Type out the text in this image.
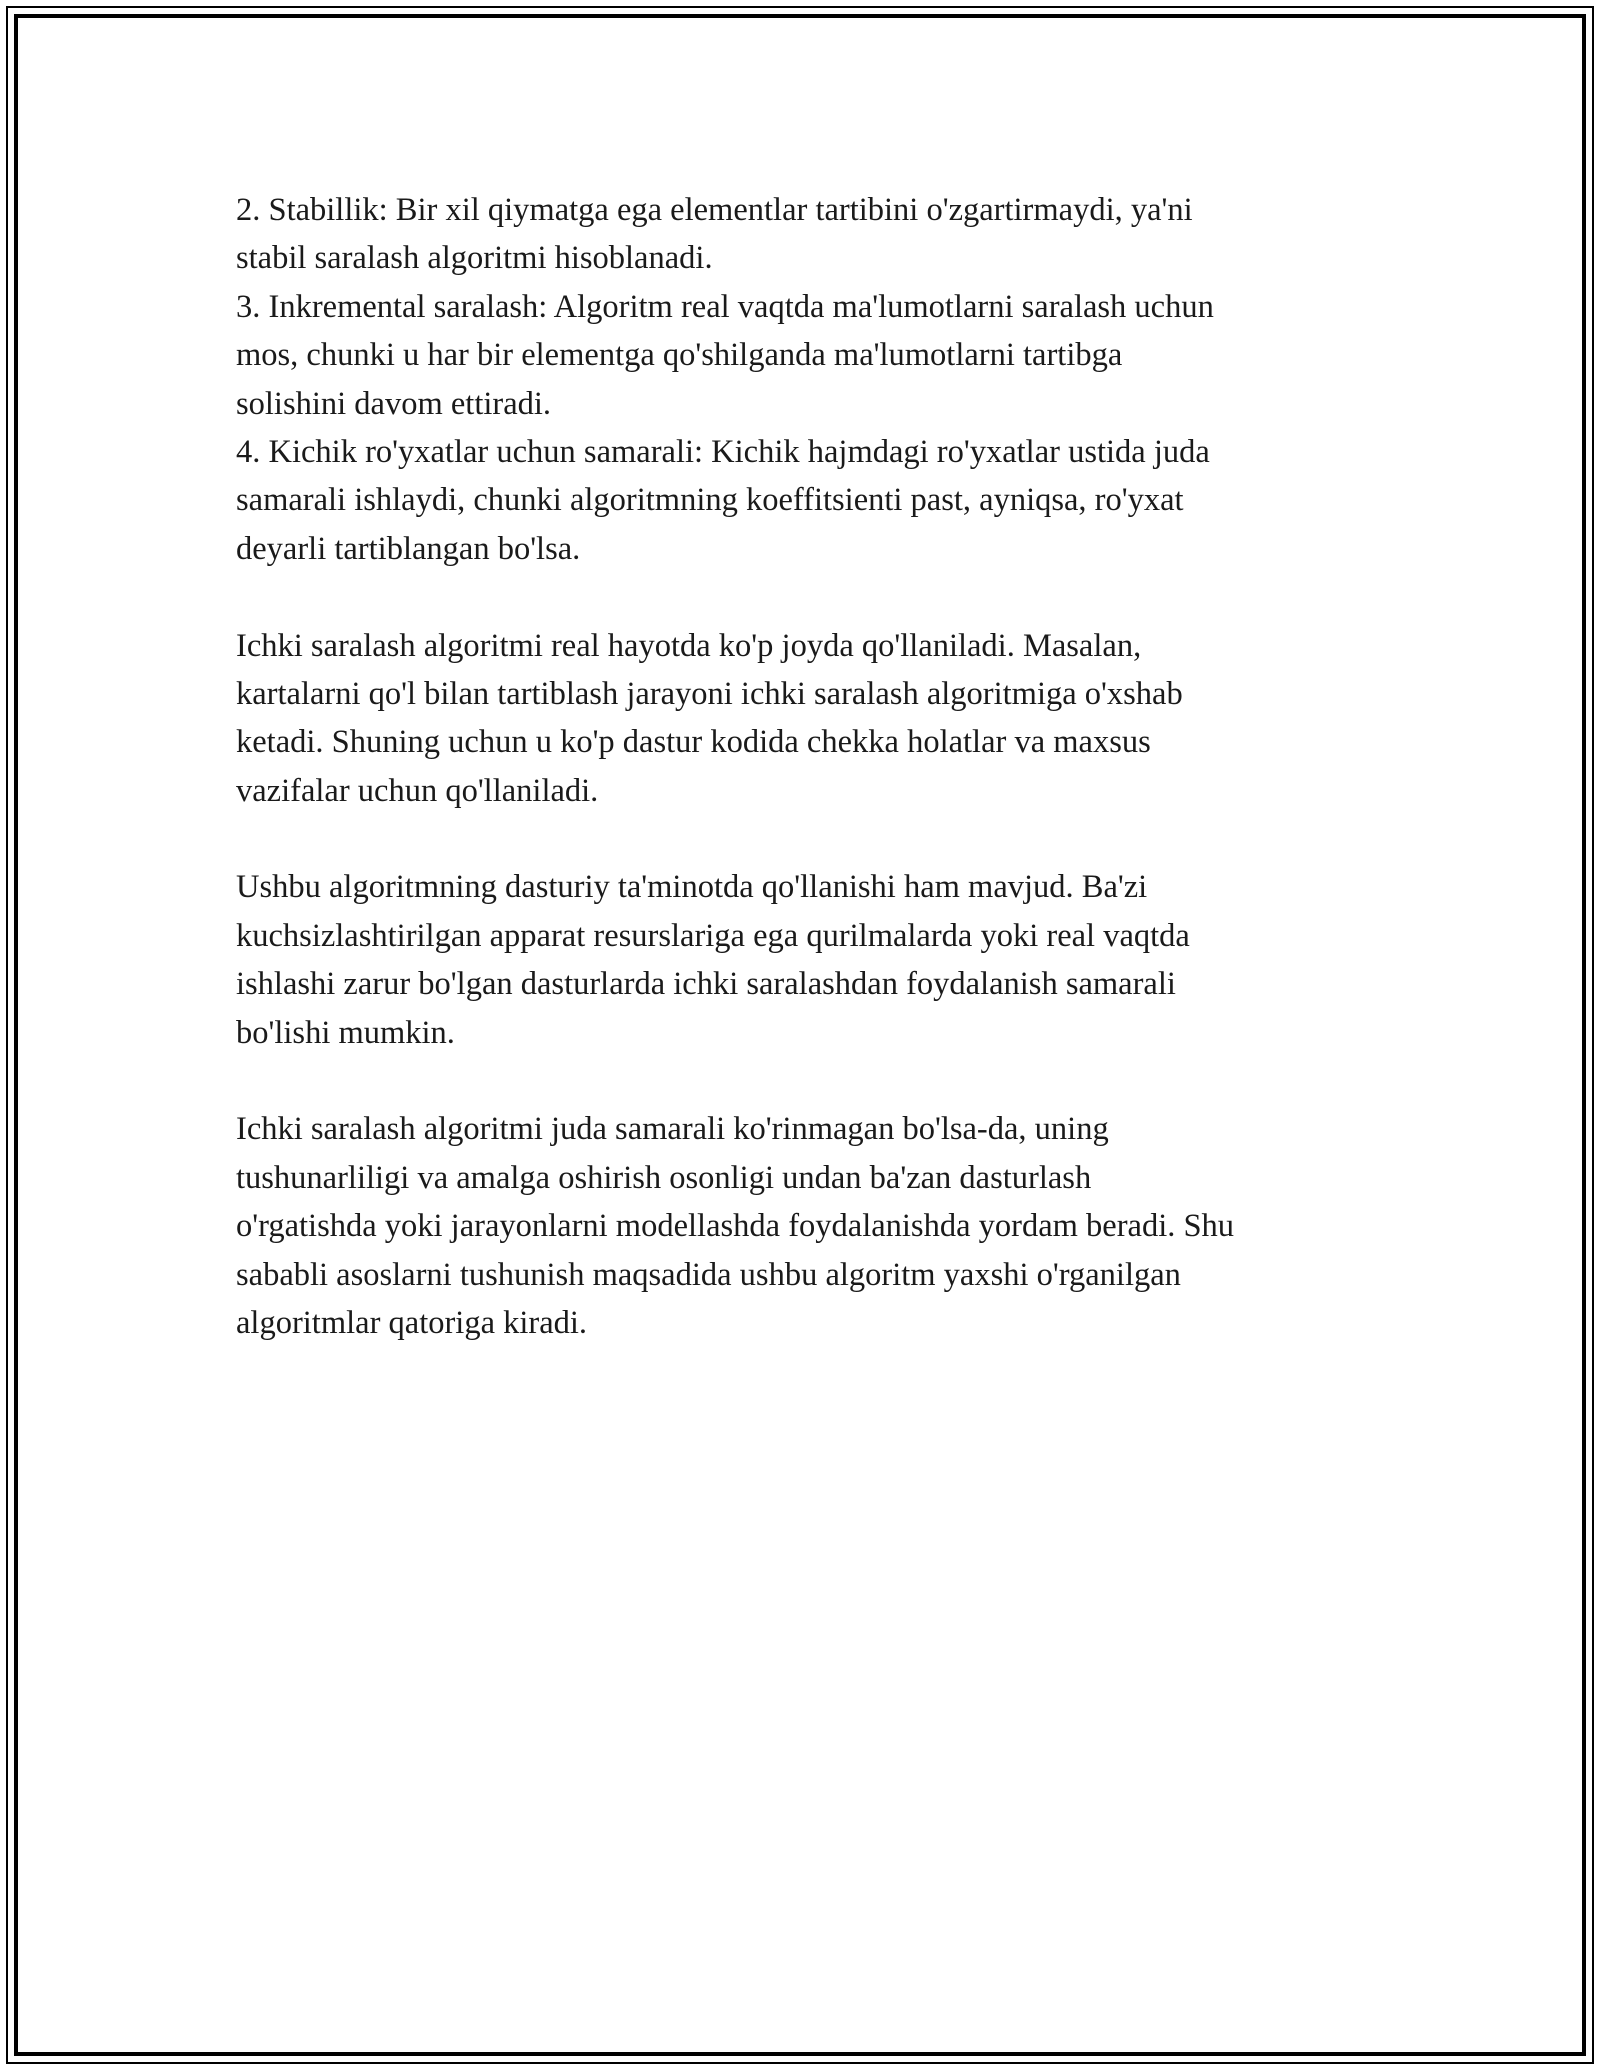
2. Stabillik: Bir xil qiymatga ega elementlar tartibini o'zgartirmaydi, ya'ni
stabil saralash algoritmi hisoblanadi.
3. Inkremental saralash: Algoritm real vaqtda ma'lumotlarni saralash uchun
mos, chunki u har bir elementga qo'shilganda ma'lumotlarni tartibga
solishini davom ettiradi.
4. Kichik ro'yxatlar uchun samarali: Kichik hajmdagi ro'yxatlar ustida juda
samarali ishlaydi, chunki algoritmning koeffitsienti past, ayniqsa, ro'yxat
deyarli tartiblangan bo'lsa.
Ichki saralash algoritmi real hayotda ko'p joyda qo'llaniladi. Masalan,
kartalarni qo'l bilan tartiblash jarayoni ichki saralash algoritmiga o'xshab
ketadi. Shuning uchun u ko'p dastur kodida chekka holatlar va maxsus
vazifalar uchun qo'llaniladi.
Ushbu algoritmning dasturiy ta'minotda qo'llanishi ham mavjud. Ba'zi
kuchsizlashtirilgan apparat resurslariga ega qurilmalarda yoki real vaqtda
ishlashi zarur bo'lgan dasturlarda ichki saralashdan foydalanish samarali
bo'lishi mumkin.
Ichki saralash algoritmi juda samarali ko'rinmagan bo'lsa-da, uning
tushunarliligi va amalga oshirish osonligi undan ba'zan dasturlash
o'rgatishda yoki jarayonlarni modellashda foydalanishda yordam beradi. Shu
sababli asoslarni tushunish maqsadida ushbu algoritm yaxshi o'rganilgan
algoritmlar qatoriga kiradi.
